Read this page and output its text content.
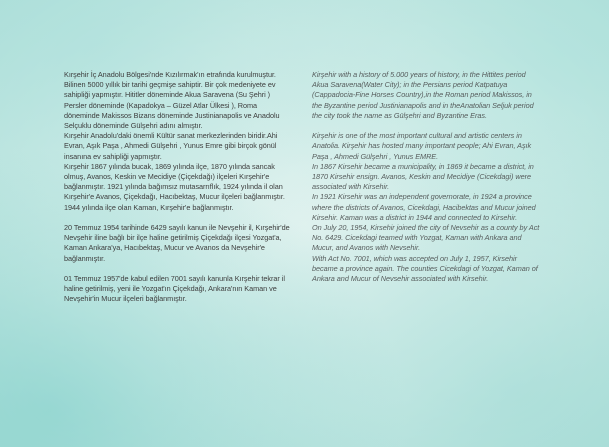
Kırşehir İç Anadolu Bölgesi'nde Kızılırmak'ın etrafında kurulmuştur. Bilinen 5000 yıllık bir tarihi geçmişe sahiptir. Bir çok medeniyete ev sahipliği yapmıştır. Hititler döneminde Akua Saravena (Su Şehri ) Persler döneminde (Kapadokya – Güzel Atlar Ülkesi ), Roma döneminde Makissos Bizans döneminde Justinianapolis ve Anadolu Selçuklu döneminde Gülşehri adını almıştır.

Kırşehir Anadolu'daki önemli Kültür sanat merkezlerinden biridir.Ahi Evran, Aşık Paşa , Ahmedi Gülşehri , Yunus Emre gibi birçok gönül insanına ev sahipliği yapmıştır.

Kırşehir 1867 yılında bucak, 1869 yılında ilçe, 1870 yılında sancak olmuş, Avanos, Keskin ve Mecidiye (Çiçekdağı) ilçeleri Kırşehir'e bağlanmıştır. 1921 yılında bağımsız mutasarrıflık, 1924 yılında il olan Kırşehir'e Avanos, Çiçekdağı, Hacıbektaş, Mucur ilçeleri bağlanmıştır. 1944 yılında ilçe olan Kaman, Kırşehir'e bağlanmıştır.

20 Temmuz 1954 tarihinde 6429 sayılı kanun ile Nevşehir il, Kırşehir'de Nevşehir iline bağlı bir ilçe haline getirilmiş Çiçekdağı ilçesi Yozgat'a, Kaman Ankara'ya, Hacıbektaş, Mucur ve Avanos da Nevşehir'e bağlanmıştır.

01 Temmuz 1957'de kabul edilen 7001 sayılı kanunla Kırşehir tekrar il haline getirilmiş, yeni ile Yozgat'ın Çiçekdağı, Ankara'nın Kaman ve Nevşehir'in Mucur ilçeleri bağlanmıştır.

Kirşehir with a history of 5.000 years of history, in the Hittites period Akua Saravena(Water City); in the Persians period Katpatuya (Cappadocia-Fine Horses Country),in the Roman period Makissos, in the Byzantine period Justinianapolis and in theAnatolian Seljuk period the city took the name as Gülşehri and Byzantine Eras.

Kirşehir is one of the most important cultural and artistic centers in Anatolia. Kirşehir has hosted many important people; Ahi Evran, Aşık Paşa , Ahmedi Gülşehri , Yunus EMRE.

In 1867 Kirsehir became a municipality, in 1869 it became a district, in 1870 Kirsehir ensign. Avanos, Keskin and Mecidiye (Cicekdagi) were associated with Kirsehir.

In 1921 Kirsehir was an independent governorate, in 1924 a province where the districts of Avanos, Cicekdagi, Hacibektas and Mucur joined Kirsehir. Kaman was a district in 1944 and connected to Kirsehir.

On July 20, 1954, Kirsehir joined the city of Nevsehir as a county by Act No. 6429. Cicekdagi teamed with Yozgat, Kaman with Ankara and Mucur, and Avanos with Nevsehir.

With Act No. 7001, which was accepted on July 1, 1957, Kirsehir became a province again. The counties Cicekdagi of Yozgat, Kaman of Ankara and Mucur of Nevsehir associated with Kirsehir.
